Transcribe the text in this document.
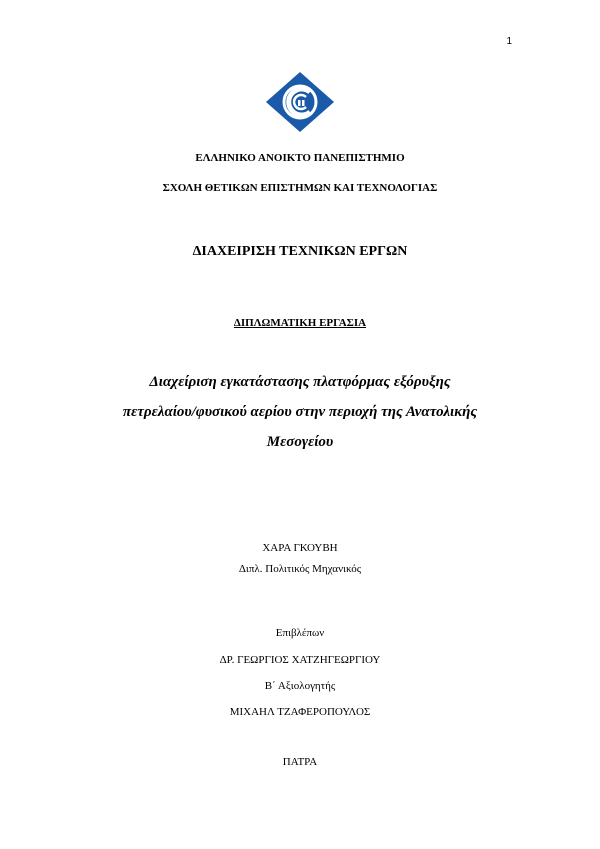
1
ΕΛΛΗΝΙΚΟ ΑΝΟΙΚΤΟ ΠΑΝΕΠΙΣΤΗΜΙΟ
ΣΧΟΛΗ ΘΕΤΙΚΩΝ ΕΠΙΣΤΗΜΩΝ ΚΑΙ ΤΕΧΝΟΛΟΓΙΑΣ
ΔΙΑΧΕΙΡΙΣΗ ΤΕΧΝΙΚΩΝ ΕΡΓΩΝ
ΔΙΠΛΩΜΑΤΙΚΗ ΕΡΓΑΣΙΑ
Διαχείριση εγκατάστασης πλατφόρμας εξόρυξης
πετρελαίου/φυσικού αερίου στην περιοχή της Ανατολικής
Μεσογείου
ΧΑΡΑ ΓΚΟΥΒΗ
Διπλ. Πολιτικός Μηχανικός
Επιβλέπων
ΔΡ. ΓΕΩΡΓΙΟΣ ΧΑΤΖΗΓΕΩΡΓΙΟΥ
Β΄ Αξιολογητής
ΜΙΧΑΗΛ ΤΖΑΦΕΡΟΠΟΥΛΟΣ
ΠΑΤΡΑ
